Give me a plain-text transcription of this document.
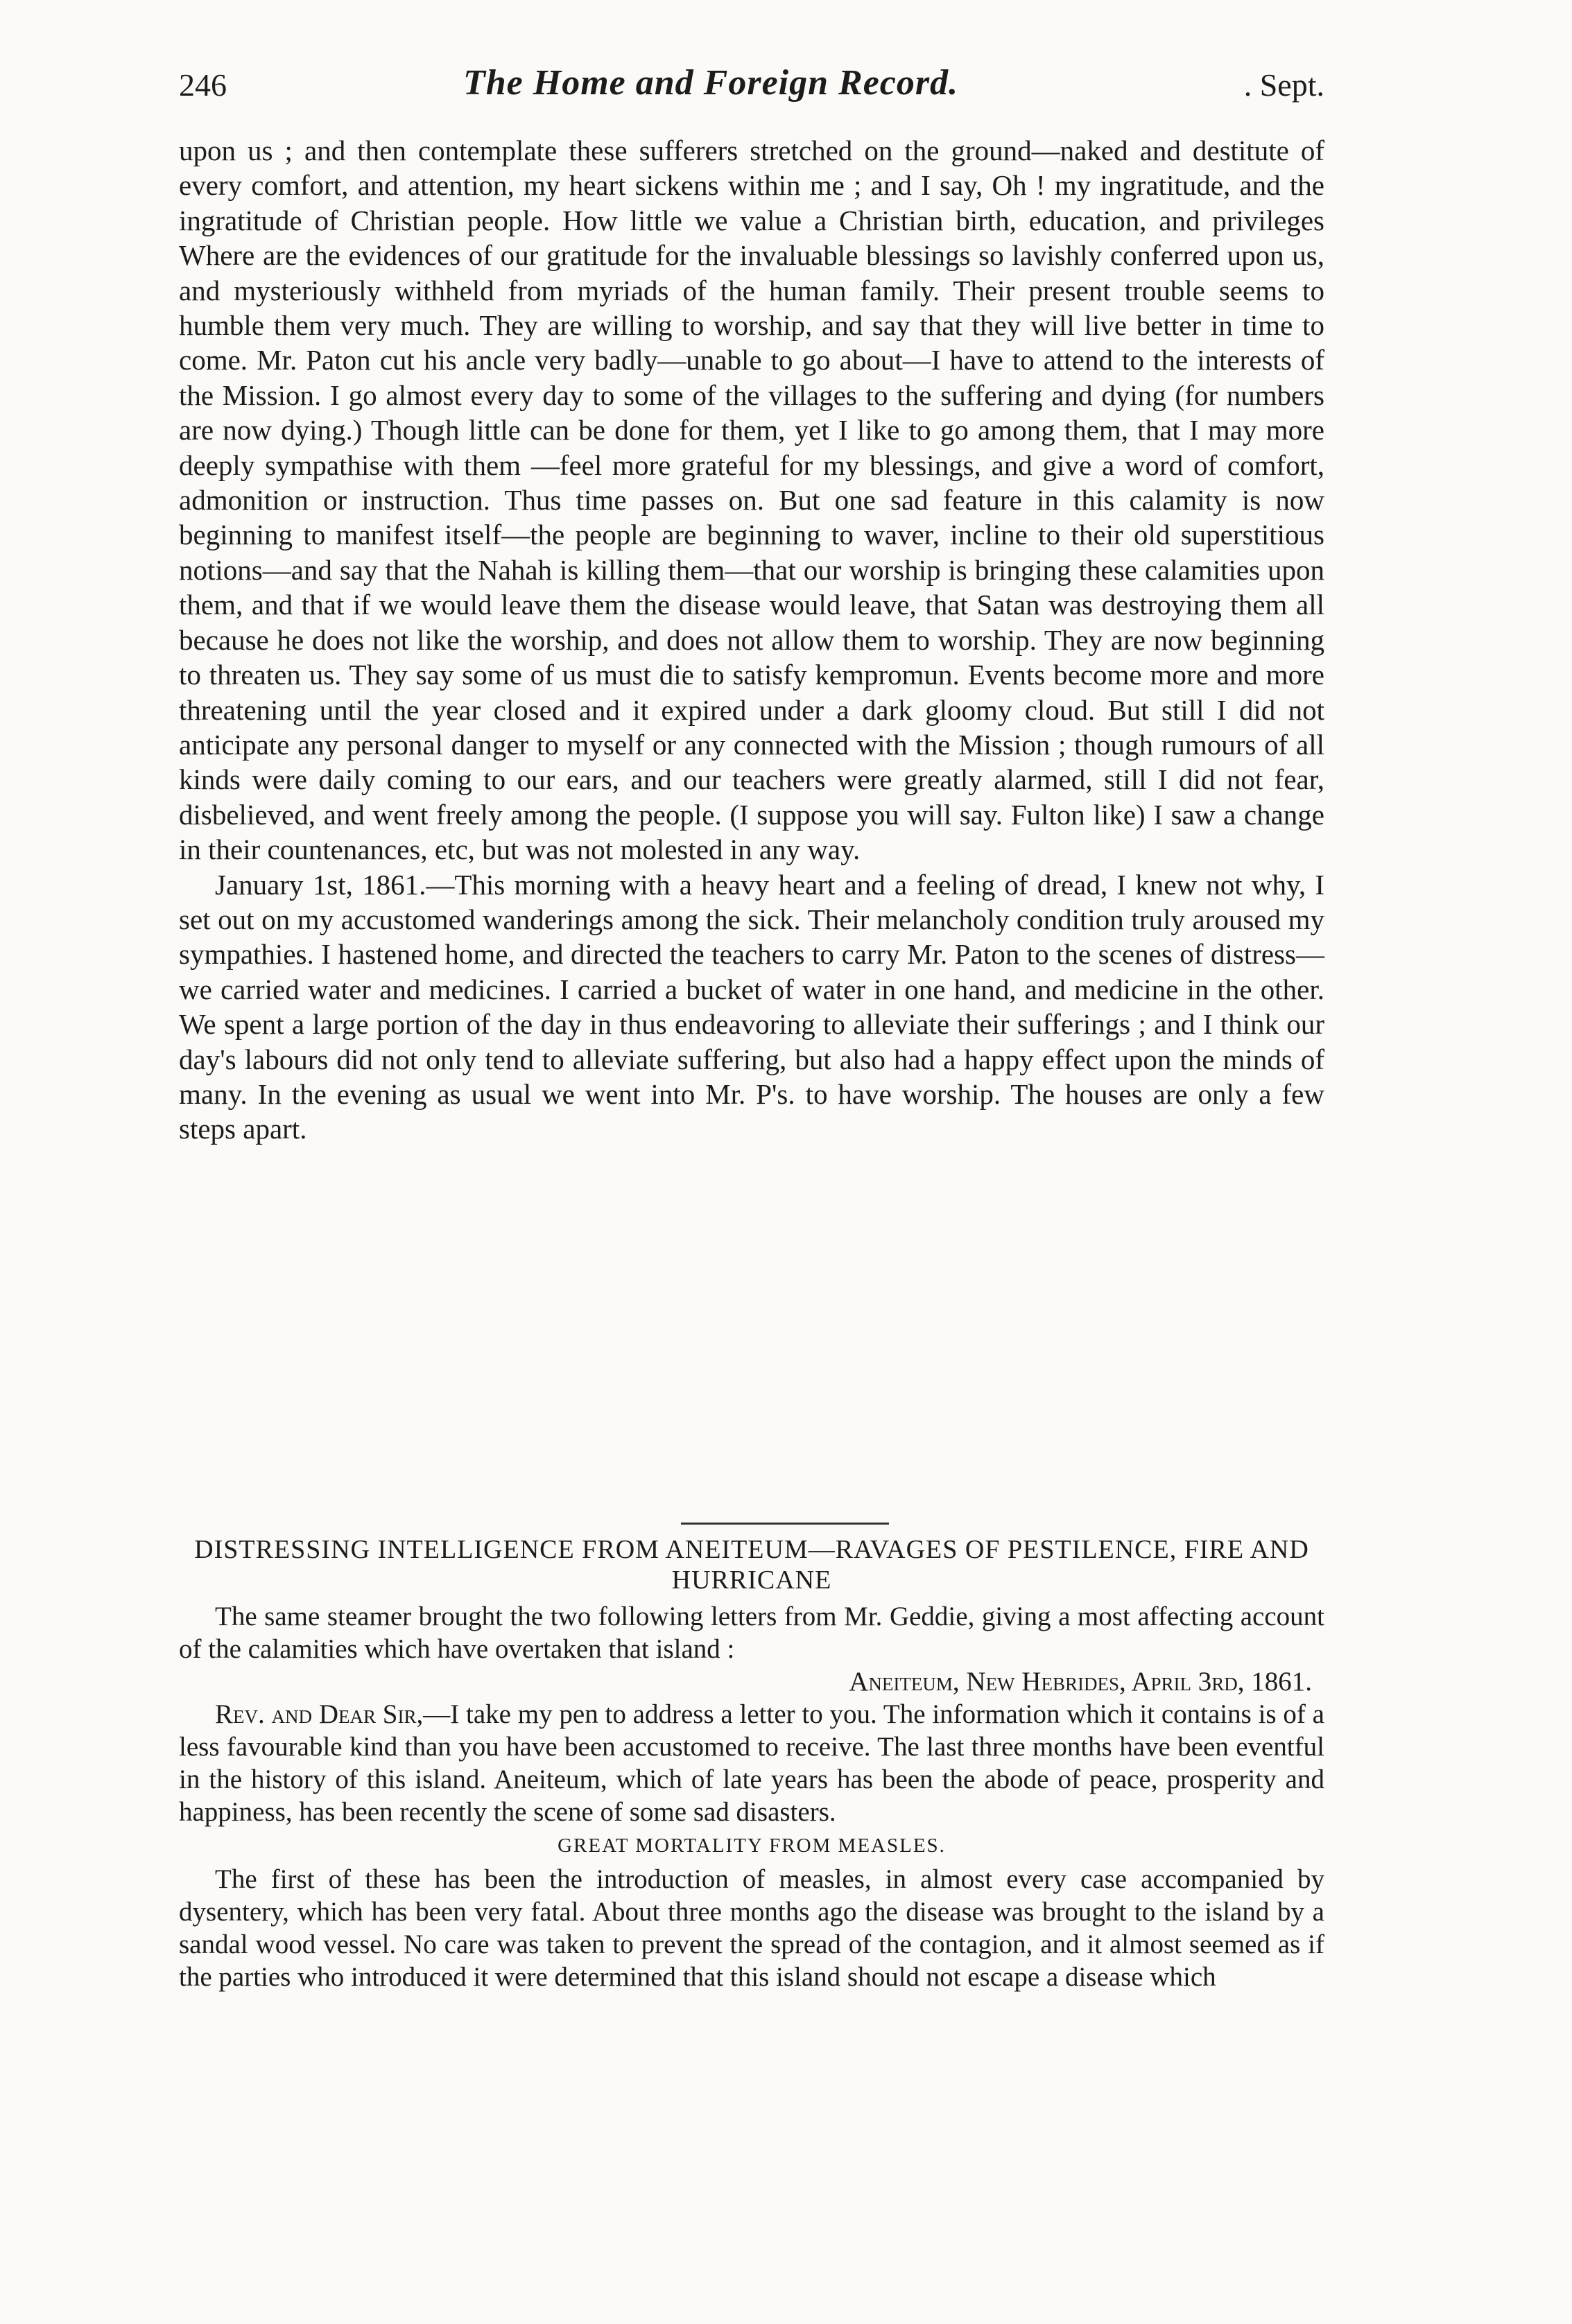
246	The Home and Foreign Record.	. Sept.

upon us ; and then contemplate these sufferers stretched on the ground—naked and destitute of every comfort, and attention, my heart sickens within me ; and I say, Oh ! my ingratitude, and the ingratitude of Christian people. How little we value a Christian birth, education, and privileges Where are the evidences of our gratitude for the invaluable blessings so lavishly conferred upon us, and mysteriously withheld from myriads of the human family. Their present trouble seems to humble them very much. They are willing to worship, and say that they will live better in time to come. Mr. Paton cut his ancle very badly—unable to go about—I have to attend to the interests of the Mission. I go almost every day to some of the villages to the suffering and dying (for numbers are now dying.) Though little can be done for them, yet I like to go among them, that I may more deeply sympathise with them —feel more grateful for my blessings, and give a word of comfort, admonition or instruction. Thus time passes on. But one sad feature in this calamity is now beginning to manifest itself—the people are beginning to waver, incline to their old superstitious notions—and say that the Nahah is killing them—that our worship is bringing these calamities upon them, and that if we would leave them the disease would leave, that Satan was destroying them all because he does not like the worship, and does not allow them to worship. They are now beginning to threaten us. They say some of us must die to satisfy kempromun. Events become more and more threatening until the year closed and it expired under a dark gloomy cloud. But still I did not anticipate any personal danger to myself or any connected with the Mission ; though rumours of all kinds were daily coming to our ears, and our teachers were greatly alarmed, still I did not fear, disbelieved, and went freely among the people. (I suppose you will say. Fulton like) I saw a change in their countenances, etc, but was not molested in any way.

January 1st, 1861.—This morning with a heavy heart and a feeling of dread, I knew not why, I set out on my accustomed wanderings among the sick. Their melancholy condition truly aroused my sympathies. I hastened home, and directed the teachers to carry Mr. Paton to the scenes of distress—we carried water and medicines. I carried a bucket of water in one hand, and medicine in the other. We spent a large portion of the day in thus endeavoring to alleviate their sufferings ; and I think our day's labours did not only tend to alleviate suffering, but also had a happy effect upon the minds of many. In the evening as usual we went into Mr. P's. to have worship. The houses are only a few steps apart.

DISTRESSING INTELLIGENCE FROM ANEITEUM—RAVAGES OF PESTILENCE, FIRE AND HURRICANE

The same steamer brought the two following letters from Mr. Geddie, giving a most affecting account of the calamities which have overtaken that island :

Aneiteum, New Hebrides, April 3rd, 1861.

Rev. and Dear Sir,—I take my pen to address a letter to you. The information which it contains is of a less favourable kind than you have been accustomed to receive. The last three months have been eventful in the history of this island. Aneiteum, which of late years has been the abode of peace, prosperity and happiness, has been recently the scene of some sad disasters.

GREAT MORTALITY FROM MEASLES.

The first of these has been the introduction of measles, in almost every case accompanied by dysentery, which has been very fatal. About three months ago the disease was brought to the island by a sandal wood vessel. No care was taken to prevent the spread of the contagion, and it almost seemed as if the parties who introduced it were determined that this island should not escape a disease which
